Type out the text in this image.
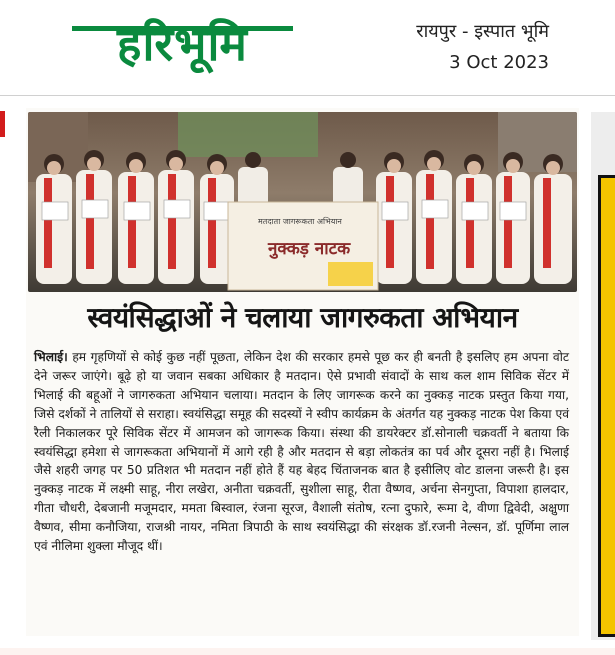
हरिभूमि	रायपुर - इस्पात भूमि
3 Oct 2023
मतदाता जागरूकता अभियान
नुक्कड़ नाटक
स्वयंसिद्धाओं ने चलाया जागरुकता अभियान
भिलाई। हम गृहणियों से कोई कुछ नहीं पूछता, लेकिन देश की सरकार हमसे पूछ कर ही बनती है इसलिए हम अपना वोट देने जरूर जाएंगे। बूढ़े हो या जवान सबका अधिकार है मतदान। ऐसे प्रभावी संवादों के साथ कल शाम सिविक सेंटर में भिलाई की बहूओं ने जागरुकता अभियान चलाया। मतदान के लिए जागरूक करने का नुक्कड़ नाटक प्रस्तुत किया गया, जिसे दर्शकों ने तालियों से सराहा। स्वयंसिद्धा समूह की सदस्यों ने स्वीप कार्यक्रम के अंतर्गत यह नुक्कड़ नाटक पेश किया एवं रैली निकालकर पूरे सिविक सेंटर में आमजन को जागरूक किया। संस्था की डायरेक्टर डॉ.सोनाली चक्रवर्ती ने बताया कि स्वयंसिद्धा हमेशा से जागरूकता अभियानों में आगे रही है और मतदान से बड़ा लोकतंत्र का पर्व और दूसरा नहीं है। भिलाई जैसे शहरी जगह पर 50 प्रतिशत भी मतदान नहीं होते हैं यह बेहद चिंताजनक बात है इसीलिए वोट डालना जरूरी है। इस नुक्कड़ नाटक में लक्ष्मी साहू, नीरा लखेरा, अनीता चक्रवर्ती, सुशीला साहू, रीता वैष्णव, अर्चना सेनगुप्ता, विपाशा हालदार, गीता चौधरी, देबजानी मजूमदार, ममता बिस्वाल, रंजना सूरज, वैशाली संतोष, रत्ना दुफारे, रूमा दे, वीणा द्विवेदी, अक्षुणा वैष्णव, सीमा कनौजिया, राजश्री नायर, नमिता त्रिपाठी के साथ स्वयंसिद्धा की संरक्षक डॉ.रजनी नेल्सन, डॉ. पूर्णिमा लाल एवं नीलिमा शुक्ला मौजूद थीं।
